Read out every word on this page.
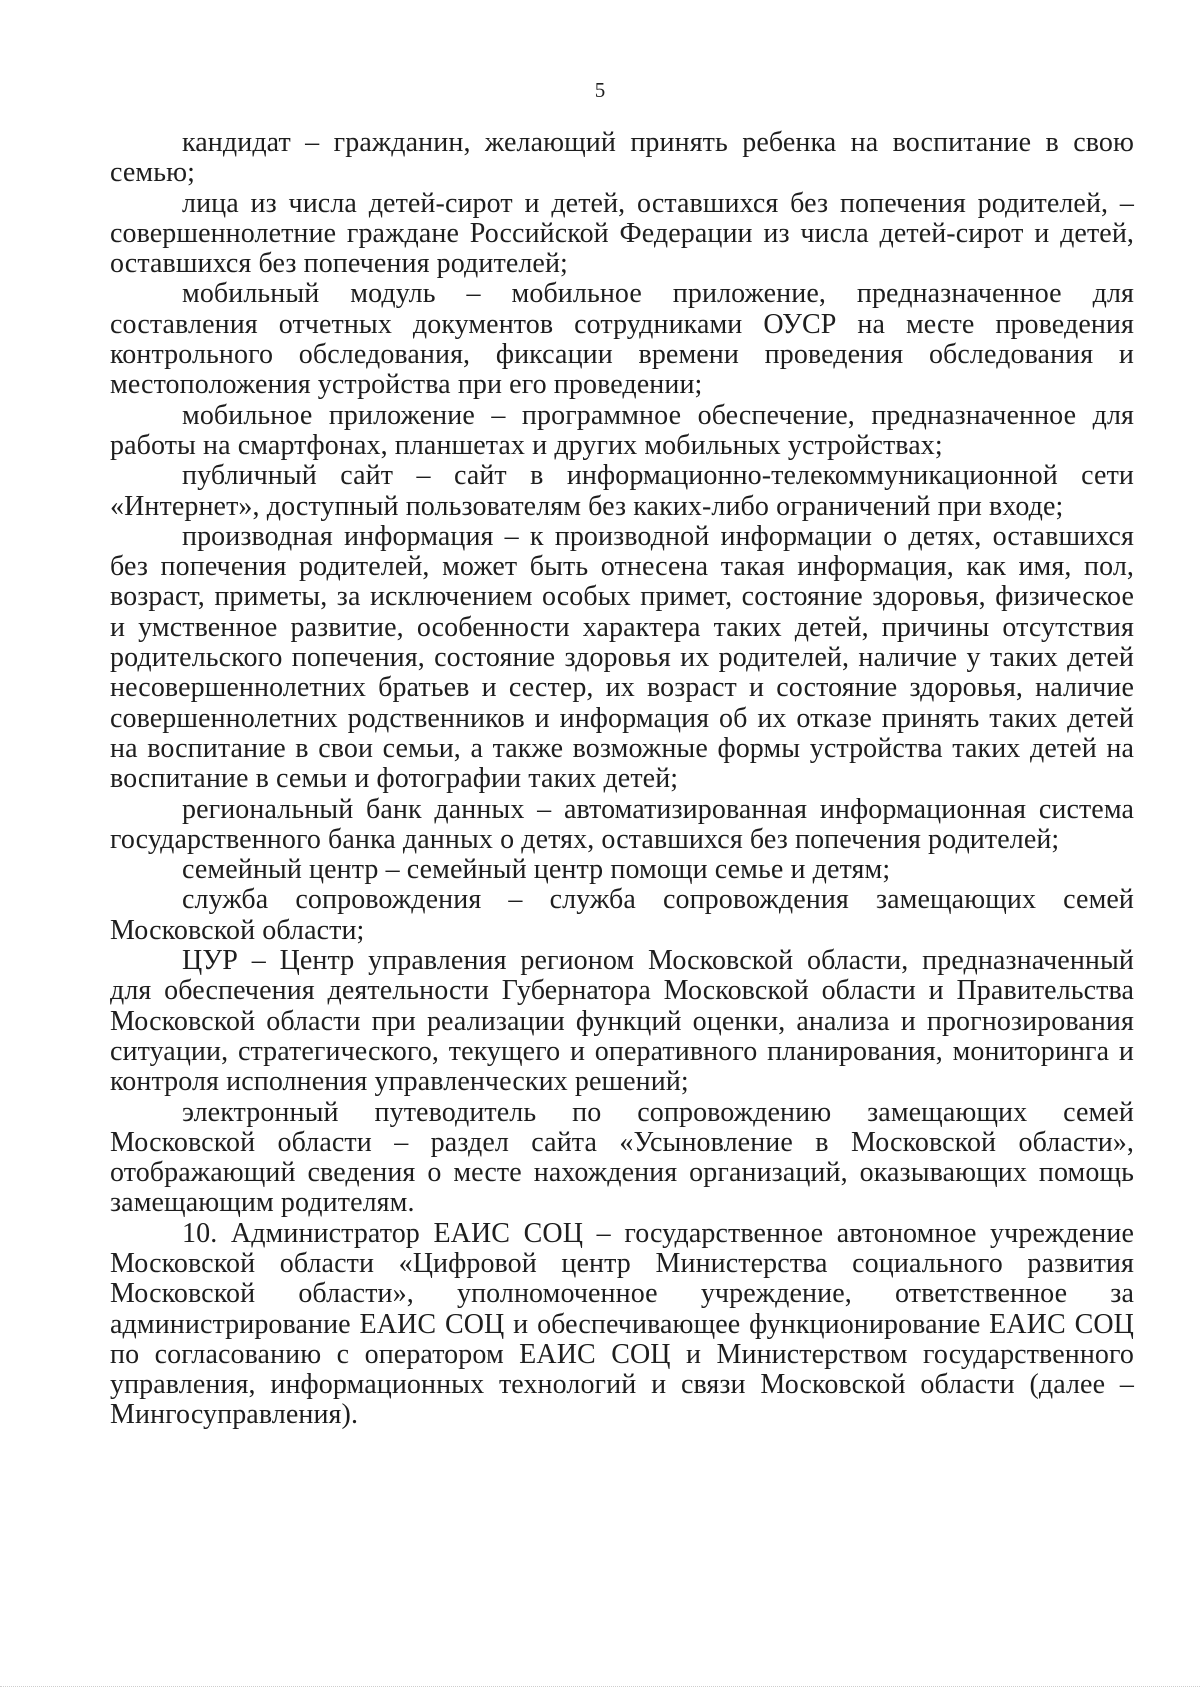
5

кандидат – гражданин, желающий принять ребенка на воспитание в свою семью;

лица из числа детей-сирот и детей, оставшихся без попечения родителей, – совершеннолетние граждане Российской Федерации из числа детей-сирот и детей, оставшихся без попечения родителей;

мобильный модуль – мобильное приложение, предназначенное для составления отчетных документов сотрудниками ОУСР на месте проведения контрольного обследования, фиксации времени проведения обследования и местоположения устройства при его проведении;

мобильное приложение – программное обеспечение, предназначенное для работы на смартфонах, планшетах и других мобильных устройствах;

публичный сайт – сайт в информационно-телекоммуникационной сети «Интернет», доступный пользователям без каких-либо ограничений при входе;

производная информация – к производной информации о детях, оставшихся без попечения родителей, может быть отнесена такая информация, как имя, пол, возраст, приметы, за исключением особых примет, состояние здоровья, физическое и умственное развитие, особенности характера таких детей, причины отсутствия родительского попечения, состояние здоровья их родителей, наличие у таких детей несовершеннолетних братьев и сестер, их возраст и состояние здоровья, наличие совершеннолетних родственников и информация об их отказе принять таких детей на воспитание в свои семьи, а также возможные формы устройства таких детей на воспитание в семьи и фотографии таких детей;

региональный банк данных – автоматизированная информационная система государственного банка данных о детях, оставшихся без попечения родителей;

семейный центр – семейный центр помощи семье и детям;

служба сопровождения – служба сопровождения замещающих семей Московской области;

ЦУР – Центр управления регионом Московской области, предназначенный для обеспечения деятельности Губернатора Московской области и Правительства Московской области при реализации функций оценки, анализа и прогнозирования ситуации, стратегического, текущего и оперативного планирования, мониторинга и контроля исполнения управленческих решений;

электронный путеводитель по сопровождению замещающих семей Московской области – раздел сайта «Усыновление в Московской области», отображающий сведения о месте нахождения организаций, оказывающих помощь замещающим родителям.

10. Администратор ЕАИС СОЦ – государственное автономное учреждение Московской области «Цифровой центр Министерства социального развития Московской области», уполномоченное учреждение, ответственное за администрирование ЕАИС СОЦ и обеспечивающее функционирование ЕАИС СОЦ по согласованию с оператором ЕАИС СОЦ и Министерством государственного управления, информационных технологий и связи Московской области (далее – Мингосуправления).
